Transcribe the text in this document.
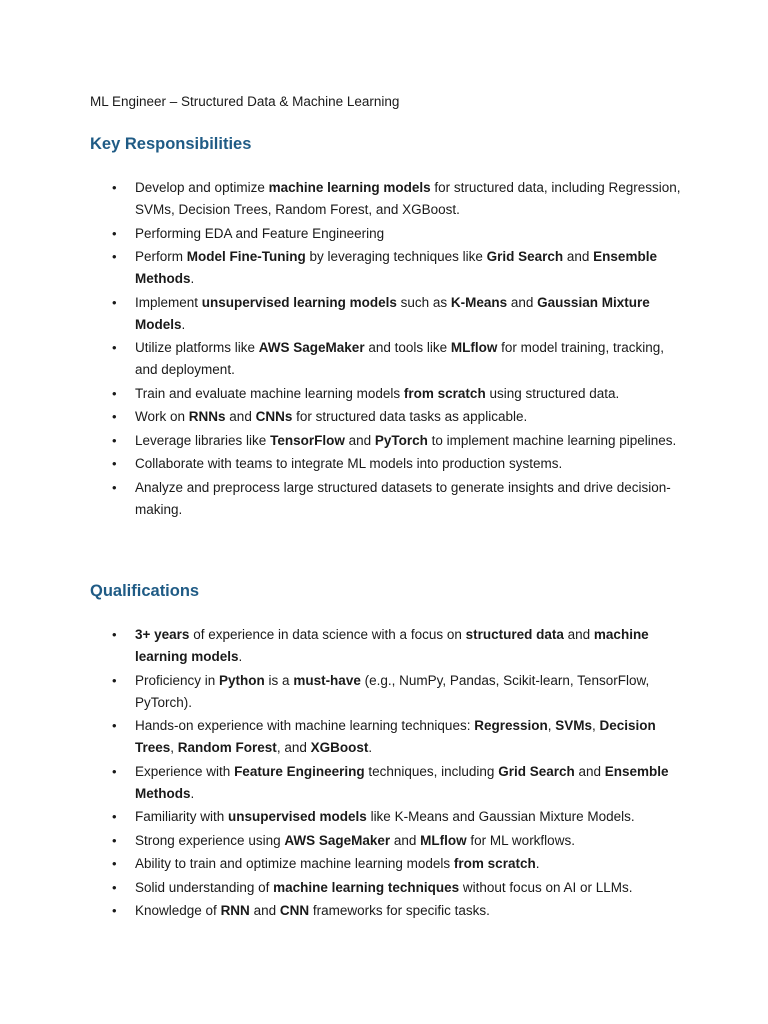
ML Engineer – Structured Data & Machine Learning
Key Responsibilities
• Develop and optimize machine learning models for structured data, including Regression, SVMs, Decision Trees, Random Forest, and XGBoost.
• Performing EDA and Feature Engineering
• Perform Model Fine-Tuning by leveraging techniques like Grid Search and Ensemble Methods.
• Implement unsupervised learning models such as K-Means and Gaussian Mixture Models.
• Utilize platforms like AWS SageMaker and tools like MLflow for model training, tracking, and deployment.
• Train and evaluate machine learning models from scratch using structured data.
• Work on RNNs and CNNs for structured data tasks as applicable.
• Leverage libraries like TensorFlow and PyTorch to implement machine learning pipelines.
• Collaborate with teams to integrate ML models into production systems.
• Analyze and preprocess large structured datasets to generate insights and drive decision-making.
Qualifications
• 3+ years of experience in data science with a focus on structured data and machine learning models.
• Proficiency in Python is a must-have (e.g., NumPy, Pandas, Scikit-learn, TensorFlow, PyTorch).
• Hands-on experience with machine learning techniques: Regression, SVMs, Decision Trees, Random Forest, and XGBoost.
• Experience with Feature Engineering techniques, including Grid Search and Ensemble Methods.
• Familiarity with unsupervised models like K-Means and Gaussian Mixture Models.
• Strong experience using AWS SageMaker and MLflow for ML workflows.
• Ability to train and optimize machine learning models from scratch.
• Solid understanding of machine learning techniques without focus on AI or LLMs.
• Knowledge of RNN and CNN frameworks for specific tasks.
